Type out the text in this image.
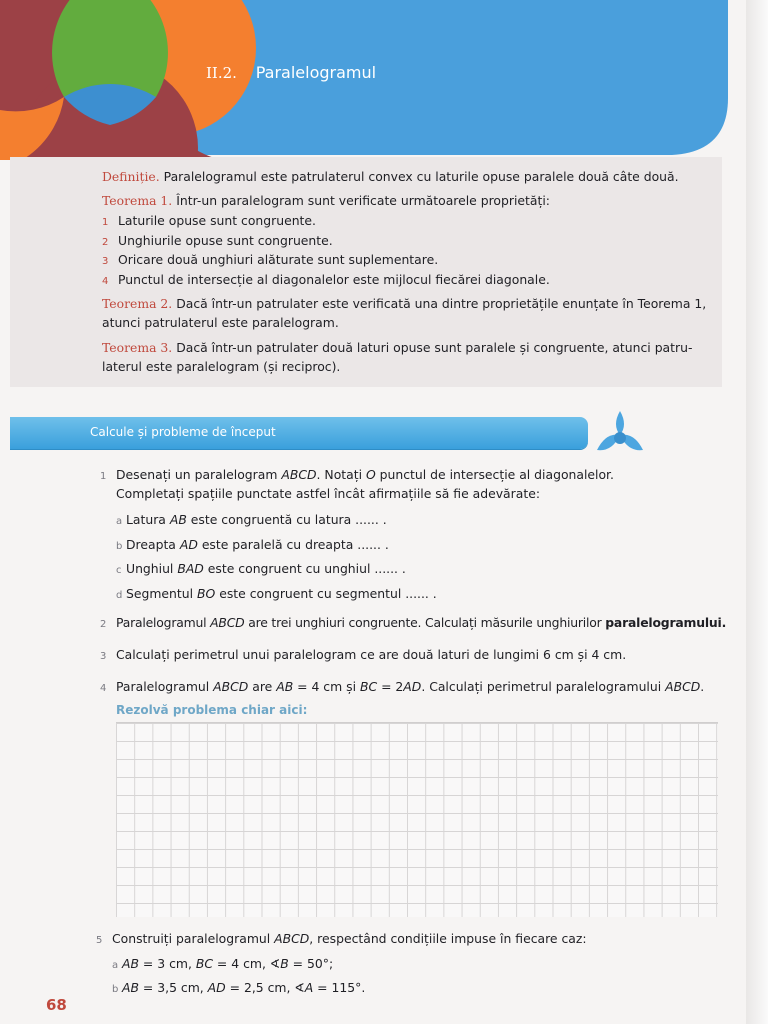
II.2. Paralelogramul
Definiție. Paralelogramul este patrulaterul convex cu laturile opuse paralele două câte două.
Teorema 1. Într-un paralelogram sunt verificate următoarele proprietăți:
1 Laturile opuse sunt congruente.
2 Unghiurile opuse sunt congruente.
3 Oricare două unghiuri alăturate sunt suplementare.
4 Punctul de intersecție al diagonalelor este mijlocul fiecărei diagonale.
Teorema 2. Dacă într-un patrulater este verificată una dintre proprietățile enunțate în Teorema 1,
atunci patrulaterul este paralelogram.
Teorema 3. Dacă într-un patrulater două laturi opuse sunt paralele și congruente, atunci patru-
laterul este paralelogram (și reciproc).
Calcule și probleme de început
1 Desenați un paralelogram ABCD. Notați O punctul de intersecție al diagonalelor.
Completați spațiile punctate astfel încât afirmațiile să fie adevărate:
a Latura AB este congruentă cu latura ...... .
b Dreapta AD este paralelă cu dreapta ...... .
c Unghiul BAD este congruent cu unghiul ...... .
d Segmentul BO este congruent cu segmentul ...... .
2 Paralelogramul ABCD are trei unghiuri congruente. Calculați măsurile unghiurilor paralelogramului.
3 Calculați perimetrul unui paralelogram ce are două laturi de lungimi 6 cm și 4 cm.
4 Paralelogramul ABCD are AB = 4 cm și BC = 2AD. Calculați perimetrul paralelogramului ABCD.
Rezolvă problema chiar aici:
5 Construiți paralelogramul ABCD, respectând condițiile impuse în fiecare caz:
a AB = 3 cm, BC = 4 cm, ∢B = 50°;
b AB = 3,5 cm, AD = 2,5 cm, ∢A = 115°.
68
